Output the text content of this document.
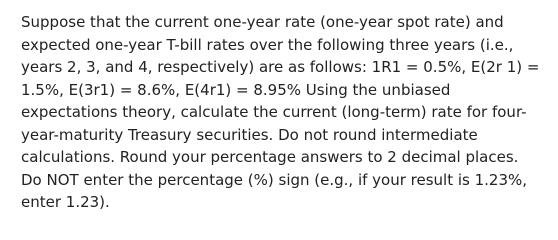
Suppose that the current one-year rate (one-year spot rate) and expected one-year T-bill rates over the following three years (i.e., years 2, 3, and 4, respectively) are as follows: 1R1 = 0.5%, E(2r 1) = 1.5%, E(3r1) = 8.6%, E(4r1) = 8.95% Using the unbiased expectations theory, calculate the current (long-term) rate for four-year-maturity Treasury securities. Do not round intermediate calculations. Round your percentage answers to 2 decimal places. Do NOT enter the percentage (%) sign (e.g., if your result is 1.23%, enter 1.23).
